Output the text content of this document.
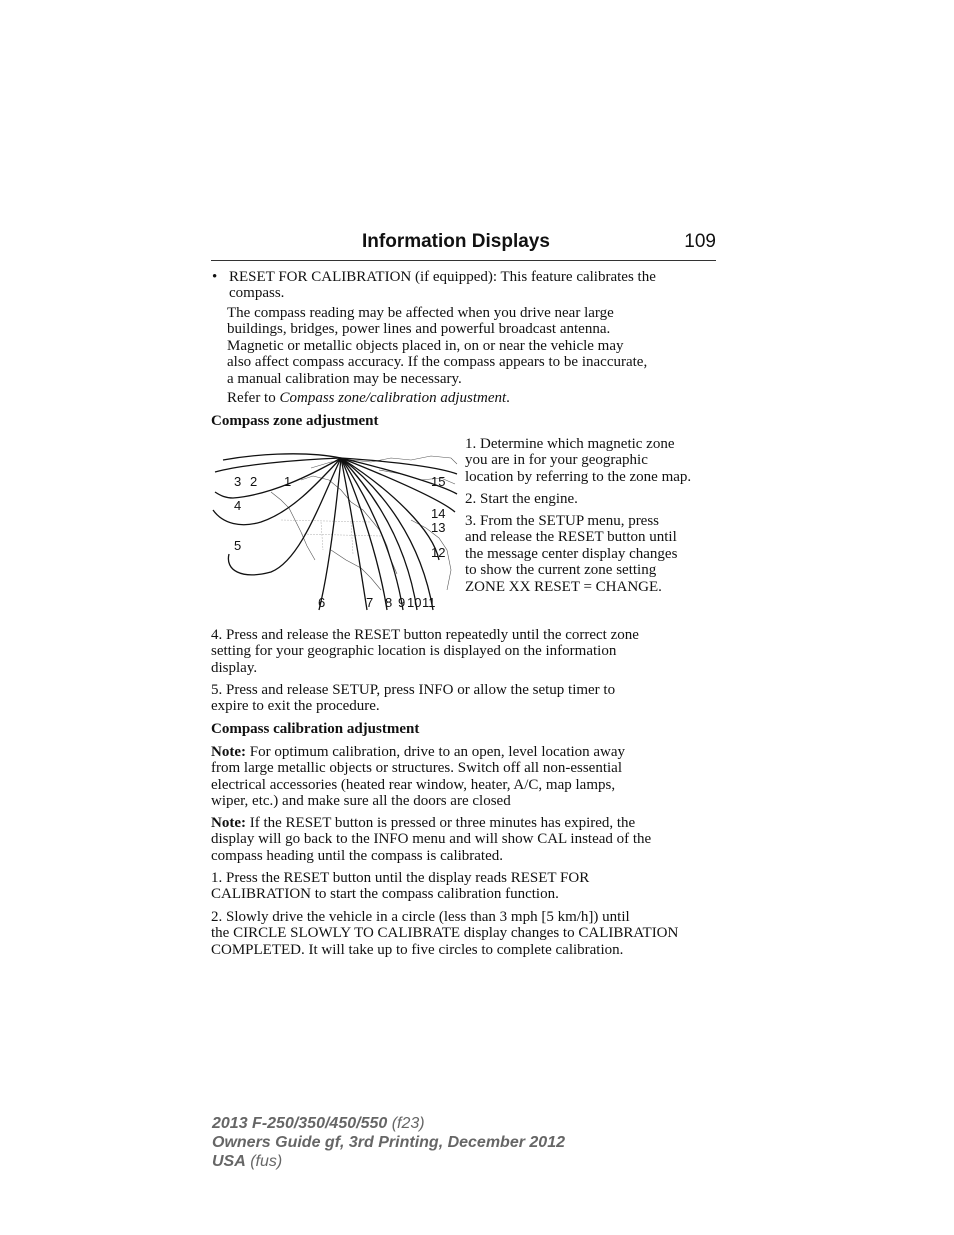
Information Displays	109
• RESET FOR CALIBRATION (if equipped): This feature calibrates the
compass.
The compass reading may be affected when you drive near large
buildings, bridges, power lines and powerful broadcast antenna.
Magnetic or metallic objects placed in, on or near the vehicle may
also affect compass accuracy. If the compass appears to be inaccurate,
a manual calibration may be necessary.
Refer to Compass zone/calibration adjustment.
Compass zone adjustment
3 2 1
4
5
6	7 8 9 10 11
12
13
14
15
1. Determine which magnetic zone
you are in for your geographic
location by referring to the zone map.
2. Start the engine.
3. From the SETUP menu, press
and release the RESET button until
the message center display changes
to show the current zone setting
ZONE XX RESET = CHANGE.
4. Press and release the RESET button repeatedly until the correct zone
setting for your geographic location is displayed on the information
display.
5. Press and release SETUP, press INFO or allow the setup timer to
expire to exit the procedure.
Compass calibration adjustment
Note: For optimum calibration, drive to an open, level location away
from large metallic objects or structures. Switch off all non-essential
electrical accessories (heated rear window, heater, A/C, map lamps,
wiper, etc.) and make sure all the doors are closed
Note: If the RESET button is pressed or three minutes has expired, the
display will go back to the INFO menu and will show CAL instead of the
compass heading until the compass is calibrated.
1. Press the RESET button until the display reads RESET FOR
CALIBRATION to start the compass calibration function.
2. Slowly drive the vehicle in a circle (less than 3 mph [5 km/h]) until
the CIRCLE SLOWLY TO CALIBRATE display changes to CALIBRATION
COMPLETED. It will take up to five circles to complete calibration.
2013 F-250/350/450/550 (f23)
Owners Guide gf, 3rd Printing, December 2012
USA (fus)
